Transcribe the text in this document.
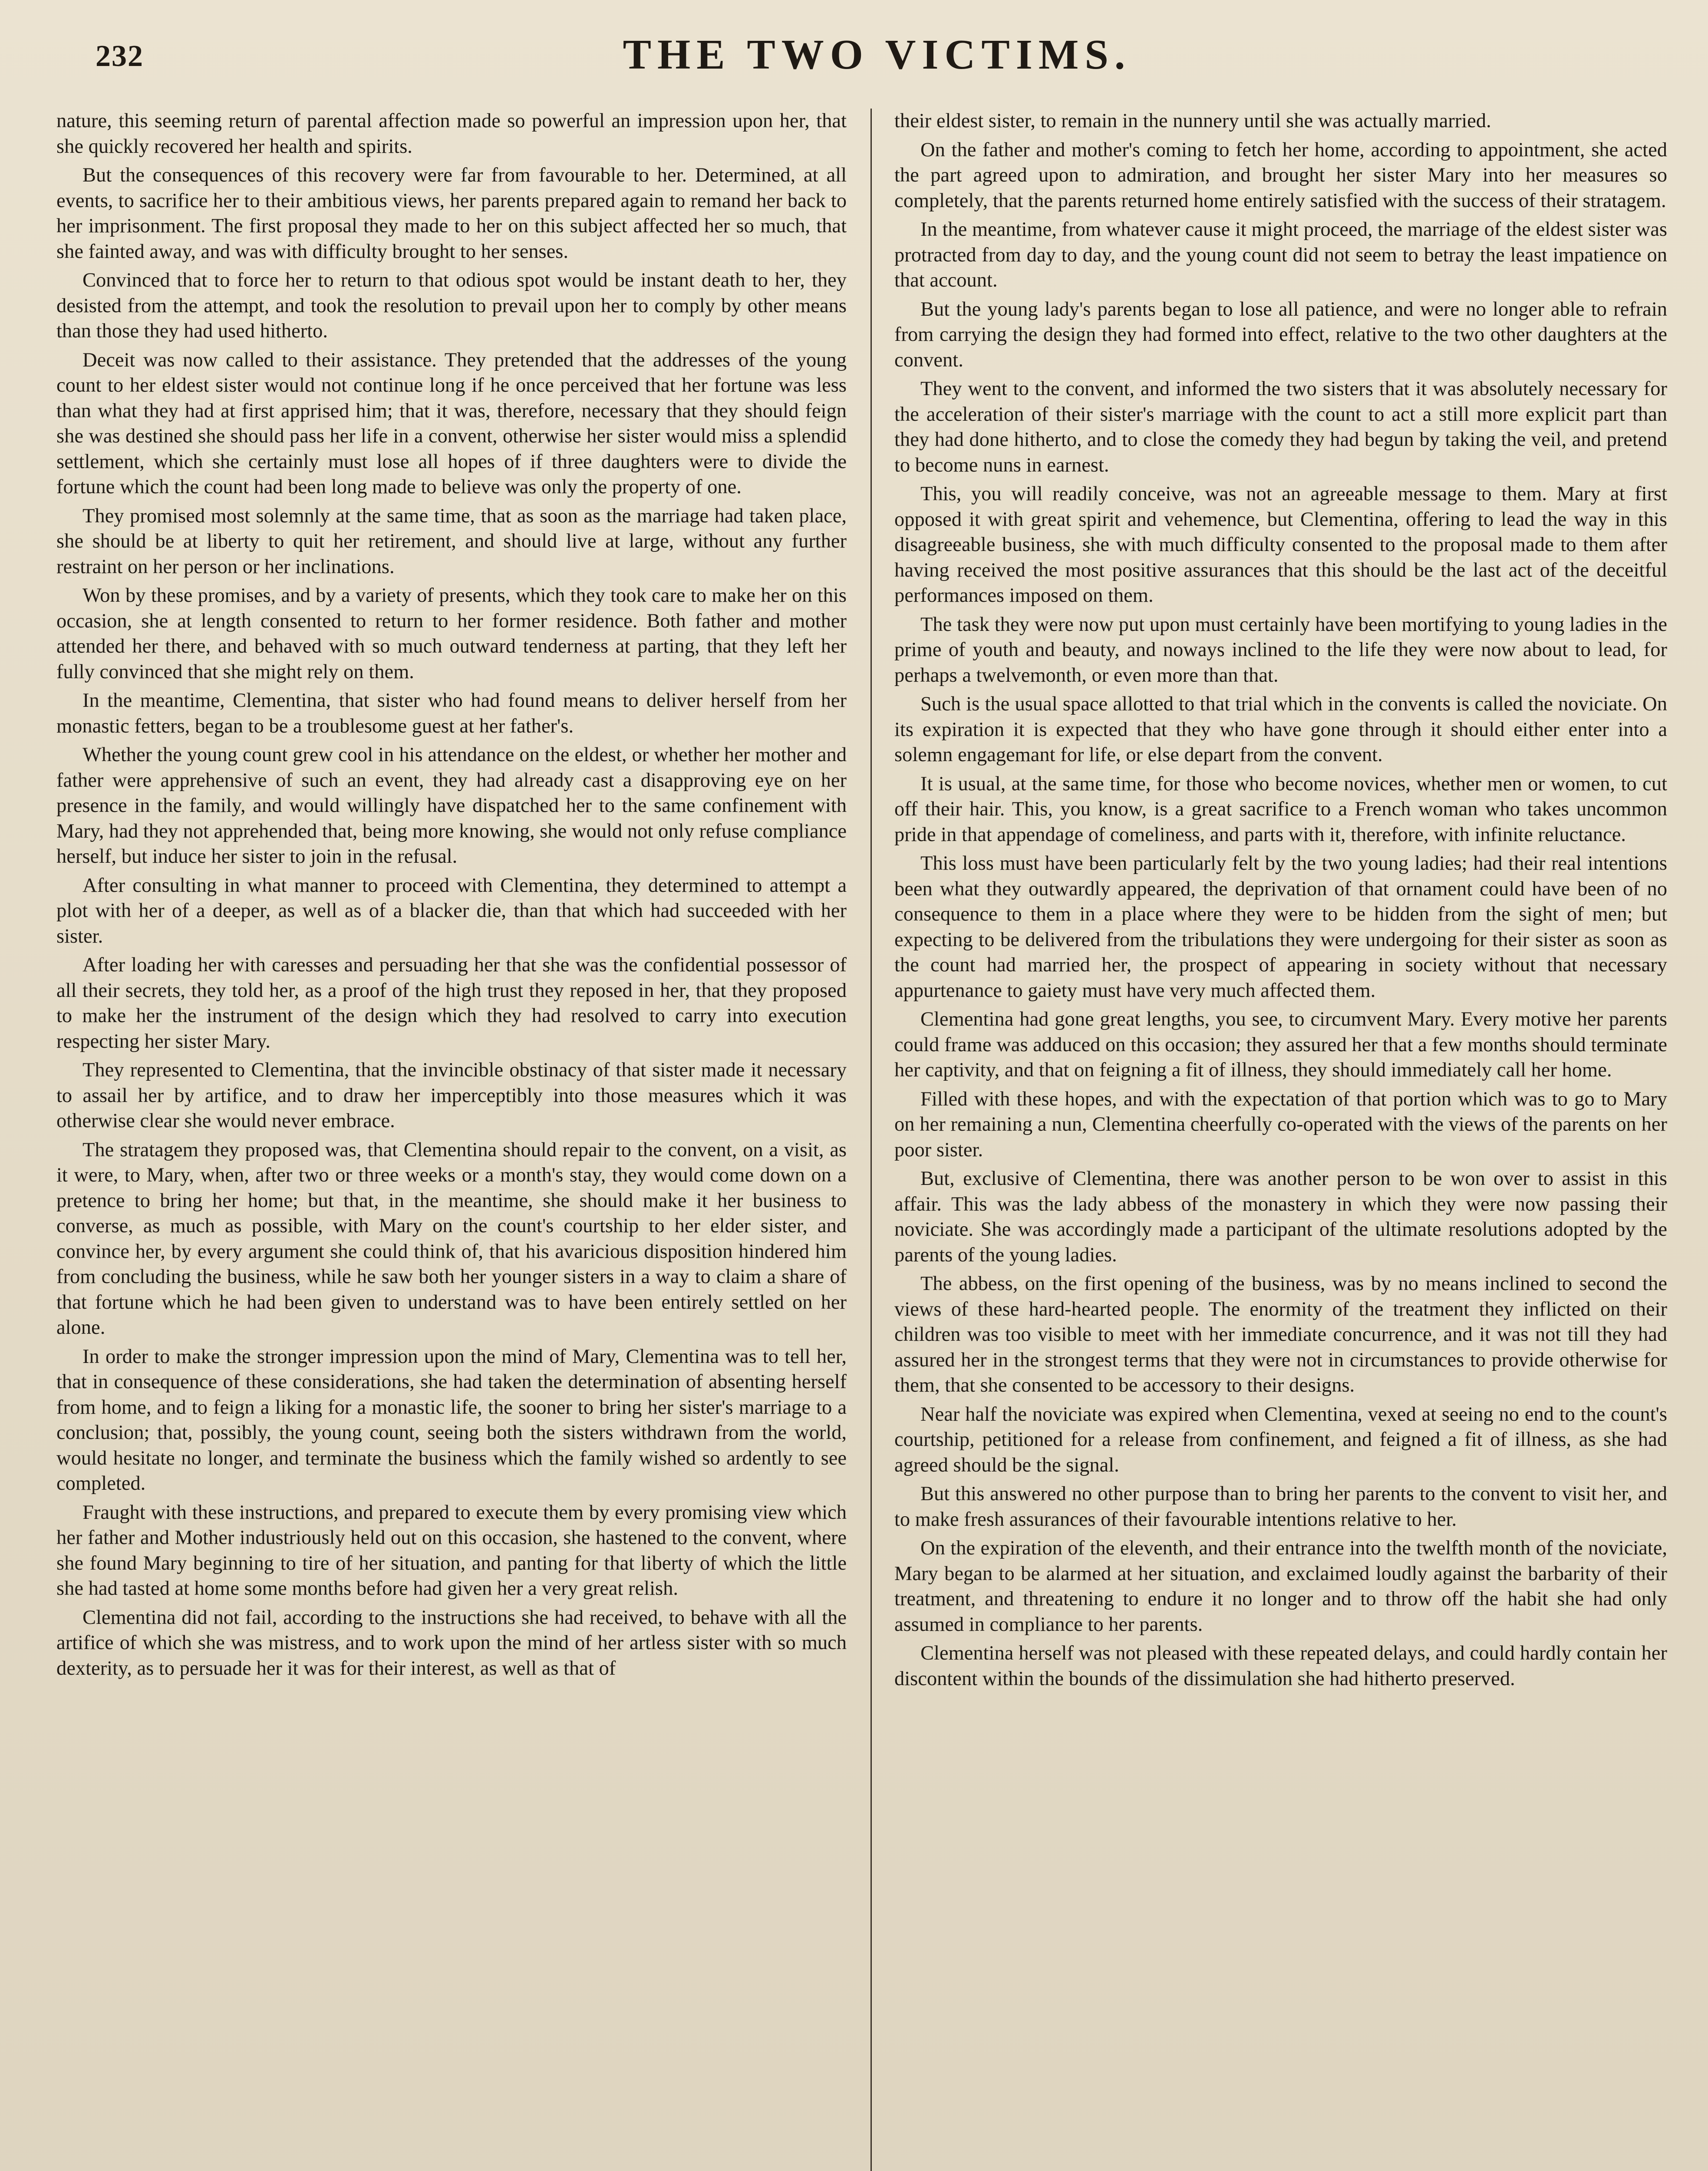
232	THE TWO VICTIMS.

nature, this seeming return of parental affection made so powerful an impression upon her, that she quickly recovered her health and spirits.

But the consequences of this recovery were far from favourable to her. Determined, at all events, to sacrifice her to their ambitious views, her parents prepared again to remand her back to her imprisonment. The first proposal they made to her on this subject affected her so much, that she fainted away, and was with difficulty brought to her senses.

Convinced that to force her to return to that odious spot would be instant death to her, they desisted from the attempt, and took the resolution to prevail upon her to comply by other means than those they had used hitherto.

Deceit was now called to their assistance. They pretended that the addresses of the young count to her eldest sister would not continue long if he once perceived that her fortune was less than what they had at first apprised him; that it was, therefore, necessary that they should feign she was destined she should pass her life in a convent, otherwise her sister would miss a splendid settlement, which she certainly must lose all hopes of if three daughters were to divide the fortune which the count had been long made to believe was only the property of one.

They promised most solemnly at the same time, that as soon as the marriage had taken place, she should be at liberty to quit her retirement, and should live at large, without any further restraint on her person or her inclinations.

Won by these promises, and by a variety of presents, which they took care to make her on this occasion, she at length consented to return to her former residence. Both father and mother attended her there, and behaved with so much outward tenderness at parting, that they left her fully convinced that she might rely on them.

In the meantime, Clementina, that sister who had found means to deliver herself from her monastic fetters, began to be a troublesome guest at her father's.

Whether the young count grew cool in his attendance on the eldest, or whether her mother and father were apprehensive of such an event, they had already cast a disapproving eye on her presence in the family, and would willingly have dispatched her to the same confinement with Mary, had they not apprehended that, being more knowing, she would not only refuse compliance herself, but induce her sister to join in the refusal.

After consulting in what manner to proceed with Clementina, they determined to attempt a plot with her of a deeper, as well as of a blacker die, than that which had succeeded with her sister.

After loading her with caresses and persuading her that she was the confidential possessor of all their secrets, they told her, as a proof of the high trust they reposed in her, that they proposed to make her the instrument of the design which they had resolved to carry into execution respecting her sister Mary.

They represented to Clementina, that the invincible obstinacy of that sister made it necessary to assail her by artifice, and to draw her imperceptibly into those measures which it was otherwise clear she would never embrace.

The stratagem they proposed was, that Clementina should repair to the convent, on a visit, as it were, to Mary, when, after two or three weeks or a month's stay, they would come down on a pretence to bring her home; but that, in the meantime, she should make it her business to converse, as much as possible, with Mary on the count's courtship to her elder sister, and convince her, by every argument she could think of, that his avaricious disposition hindered him from concluding the business, while he saw both her younger sisters in a way to claim a share of that fortune which he had been given to understand was to have been entirely settled on her alone.

In order to make the stronger impression upon the mind of Mary, Clementina was to tell her, that in consequence of these considerations, she had taken the determination of absenting herself from home, and to feign a liking for a monastic life, the sooner to bring her sister's marriage to a conclusion; that, possibly, the young count, seeing both the sisters withdrawn from the world, would hesitate no longer, and terminate the business which the family wished so ardently to see completed.

Fraught with these instructions, and prepared to execute them by every promising view which her father and Mother industriously held out on this occasion, she hastened to the convent, where she found Mary beginning to tire of her situation, and panting for that liberty of which the little she had tasted at home some months before had given her a very great relish.

Clementina did not fail, according to the instructions she had received, to behave with all the artifice of which she was mistress, and to work upon the mind of her artless sister with so much dexterity, as to persuade her it was for their interest, as well as that of

their eldest sister, to remain in the nunnery until she was actually married.

On the father and mother's coming to fetch her home, according to appointment, she acted the part agreed upon to admiration, and brought her sister Mary into her measures so completely, that the parents returned home entirely satisfied with the success of their stratagem.

In the meantime, from whatever cause it might proceed, the marriage of the eldest sister was protracted from day to day, and the young count did not seem to betray the least impatience on that account.

But the young lady's parents began to lose all patience, and were no longer able to refrain from carrying the design they had formed into effect, relative to the two other daughters at the convent.

They went to the convent, and informed the two sisters that it was absolutely necessary for the acceleration of their sister's marriage with the count to act a still more explicit part than they had done hitherto, and to close the comedy they had begun by taking the veil, and pretend to become nuns in earnest.

This, you will readily conceive, was not an agreeable message to them. Mary at first opposed it with great spirit and vehemence, but Clementina, offering to lead the way in this disagreeable business, she with much difficulty consented to the proposal made to them after having received the most positive assurances that this should be the last act of the deceitful performances imposed on them.

The task they were now put upon must certainly have been mortifying to young ladies in the prime of youth and beauty, and noways inclined to the life they were now about to lead, for perhaps a twelvemonth, or even more than that.

Such is the usual space allotted to that trial which in the convents is called the noviciate. On its expiration it is expected that they who have gone through it should either enter into a solemn engagemant for life, or else depart from the convent.

It is usual, at the same time, for those who become novices, whether men or women, to cut off their hair. This, you know, is a great sacrifice to a French woman who takes uncommon pride in that appendage of comeliness, and parts with it, therefore, with infinite reluctance.

This loss must have been particularly felt by the two young ladies; had their real intentions been what they outwardly appeared, the deprivation of that ornament could have been of no consequence to them in a place where they were to be hidden from the sight of men; but expecting to be delivered from the tribulations they were undergoing for their sister as soon as the count had married her, the prospect of appearing in society without that necessary appurtenance to gaiety must have very much affected them.

Clementina had gone great lengths, you see, to circumvent Mary. Every motive her parents could frame was adduced on this occasion; they assured her that a few months should terminate her captivity, and that on feigning a fit of illness, they should immediately call her home.

Filled with these hopes, and with the expectation of that portion which was to go to Mary on her remaining a nun, Clementina cheerfully co-operated with the views of the parents on her poor sister.

But, exclusive of Clementina, there was another person to be won over to assist in this affair. This was the lady abbess of the monastery in which they were now passing their noviciate. She was accordingly made a participant of the ultimate resolutions adopted by the parents of the young ladies.

The abbess, on the first opening of the business, was by no means inclined to second the views of these hard-hearted people. The enormity of the treatment they inflicted on their children was too visible to meet with her immediate concurrence, and it was not till they had assured her in the strongest terms that they were not in circumstances to provide otherwise for them, that she consented to be accessory to their designs.

Near half the noviciate was expired when Clementina, vexed at seeing no end to the count's courtship, petitioned for a release from confinement, and feigned a fit of illness, as she had agreed should be the signal.

But this answered no other purpose than to bring her parents to the convent to visit her, and to make fresh assurances of their favourable intentions relative to her.

On the expiration of the eleventh, and their entrance into the twelfth month of the noviciate, Mary began to be alarmed at her situation, and exclaimed loudly against the barbarity of their treatment, and threatening to endure it no longer and to throw off the habit she had only assumed in compliance to her parents.

Clementina herself was not pleased with these repeated delays, and could hardly contain her discontent within the bounds of the dissimulation she had hitherto preserved.
